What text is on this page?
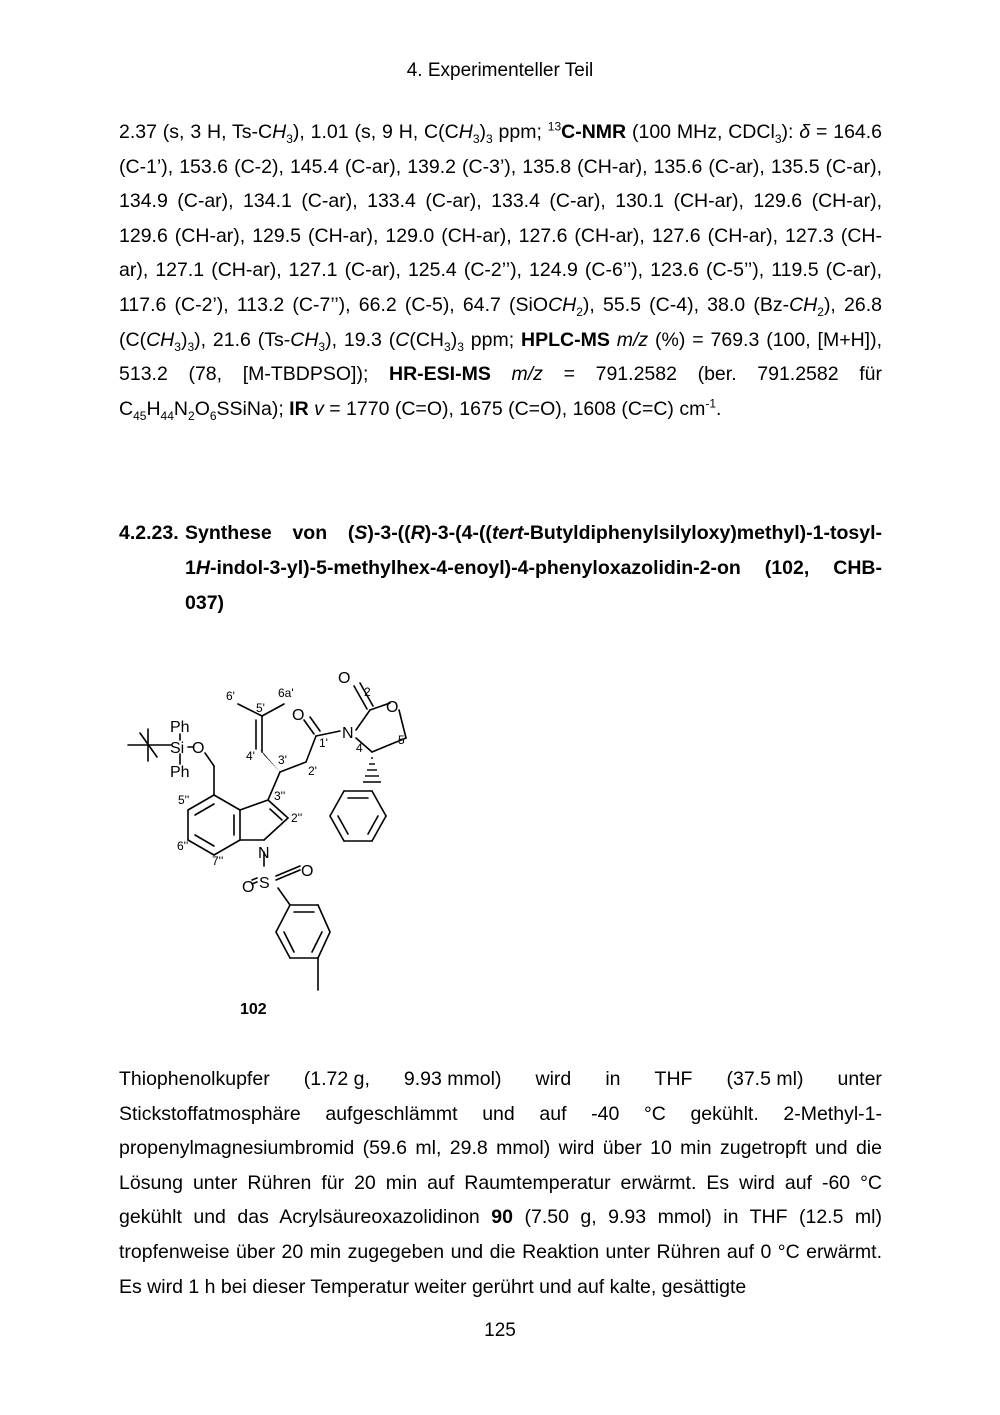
4. Experimenteller Teil
2.37 (s, 3 H, $Ts-CH_3$), 1.01 (s, 9 H, $C(CH_3)_3$ ppm; $^{13}$C-NMR (100 MHz, CDCl$_3$): δ = 164.6 (C-1’), 153.6 (C-2), 145.4 (C-ar), 139.2 (C-3’), 135.8 (CH-ar), 135.6 (C-ar), 135.5 (C-ar), 134.9 (C-ar), 134.1 (C-ar), 133.4 (C-ar), 133.4 (C-ar), 130.1 (CH-ar), 129.6 (CH-ar), 129.6 (CH-ar), 129.5 (CH-ar), 129.0 (CH-ar), 127.6 (CH-ar), 127.6 (CH-ar), 127.3 (CH-ar), 127.1 (CH-ar), 127.1 (C-ar), 125.4 (C-2’’), 124.9 (C-6’’), 123.6 (C-5’’), 119.5 (C-ar), 117.6 (C-2’), 113.2 (C-7’’), 66.2 (C-5), 64.7 (SiOCH$_2$), 55.5 (C-4), 38.0 $(Bz-CH_2)$, 26.8 $(C(CH_3)_3)$, 21.6 $(Ts-CH_3)$, 19.3 ($C(CH_3)_3$ ppm; HPLC-MS m/z (%) = 769.3 (100, [M+H]), 513.2 (78, [M-TBDPSO]); HR-ESI-MS m/z = 791.2582 (ber. 791.2582 für $C_{45}H_{44}N_2O_6SSiNa$); IR v = 1770 (C=O), 1675 (C=O), 1608 (C=C) $cm^{-1}$.
4.2.23. Synthese von (S)-3-((R)-3-(4-((tert-Butyldiphenylsilyloxy)methyl)-1-tosyl-1H-indol-3-yl)-5-methylhex-4-enoyl)-4-phenyloxazolidin-2-on (102, CHB-037)
Ph
Si O
Ph
O
N
O
O
N
S
O
O
6'	6a'
5'
4' 3'
2'
1'
2
5
4
3''
2''
5''
6''
7''
102
Thiophenolkupfer (1.72 g, 9.93 mmol) wird in THF (37.5 ml) unter
Stickstoffatmosphäre aufgeschlämmt und auf -40 °C gekühlt. 2-Methyl-1-propenylmagnesiumbromid (59.6 ml, 29.8 mmol) wird über 10 min zugetropft und die Lösung unter Rühren für 20 min auf Raumtemperatur erwärmt. Es wird auf -60 °C gekühlt und das Acrylsäureoxazolidinon 90 (7.50 g, 9.93 mmol) in THF (12.5 ml) tropfenweise über 20 min zugegeben und die Reaktion unter Rühren auf 0 °C erwärmt. Es wird 1 h bei dieser Temperatur weiter gerührt und auf kalte, gesättigte
125
